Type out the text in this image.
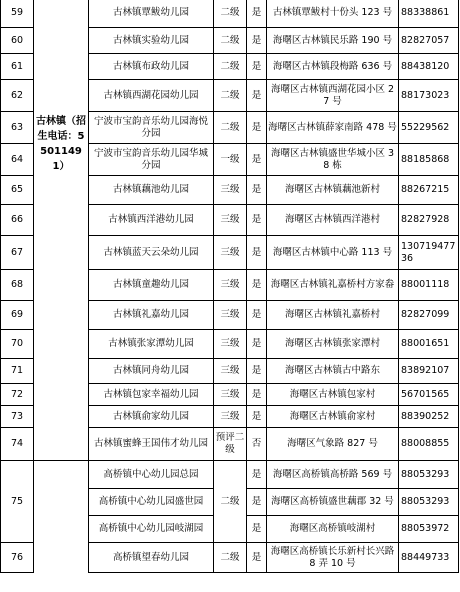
59		古林镇覃鲅幼儿园	二级	是	古林镇覃鲅村十份头 123 号	88338861
60		古林镇实验幼儿园	二级	是	海曙区古林镇民乐路 190 号	82827057
61		古林镇布政幼儿园	二级	是	海曙区古林镇段梅路 636 号	88438120
62		古林镇西湖花园幼儿园	二级	是	海曙区古林镇西湖花园小区 27 号	88173023
63	古林镇（招生电话：55011491）	宁波市宝韵音乐幼儿园海悦分园	二级	是	海曙区古林镇薛家南路 478 号	55229562
64		宁波市宝韵音乐幼儿园华城分园	一级	是	海曙区古林镇盛世华城小区 38 栋	88185868
65		古林镇藕池幼儿园	三级	是	海曙区古林镇藕池新村	88267215
66		古林镇西洋港幼儿园	三级	是	海曙区古林镇西洋港村	82827928
67		古林镇蓝天云朵幼儿园	三级	是	海曙区古林镇中心路 113 号	13071947736
68		古林镇童趣幼儿园	三级	是	海曙区古林镇礼嘉桥村方家畚	88001118
69		古林镇礼嘉幼儿园	三级	是	海曙区古林镇礼嘉桥村	82827099
70		古林镇张家潭幼儿园	三级	是	海曙区古林镇张家潭村	88001651
71		古林镇同舟幼儿园	三级	是	海曙区古林镇古中路东	83892107
72		古林镇包家幸福幼儿园	三级	是	海曙区古林镇包家村	56701565
73		古林镇俞家幼儿园	三级	是	海曙区古林镇俞家村	88390252
74		古林镇蜜蜂王国伟才幼儿园	预评二级	否	海曙区气象路 827 号	88008855
75		高桥镇中心幼儿园总园	二级	是	海曙区高桥镇高桥路 569 号	88053293
		高桥镇中心幼儿园盛世园		是	海曙区高桥镇盛世藕郡 32 号	88053293
		高桥镇中心幼儿园岐湖园		是	海曙区高桥镇岐湖村	88053972
76		高桥镇望春幼儿园	二级	是	海曙区高桥镇长乐新村长兴路 8 弄 10 号	88449733
